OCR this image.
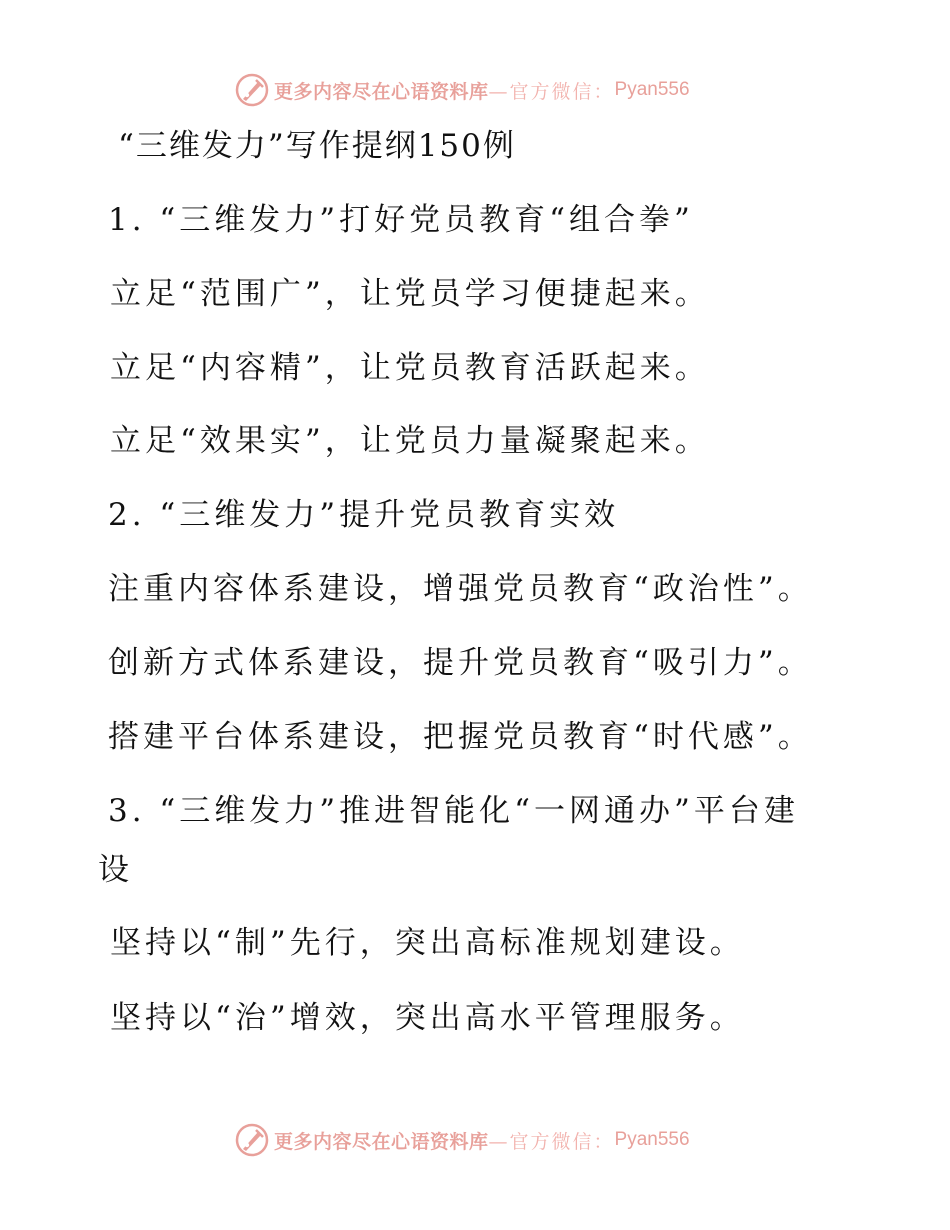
更多内容尽在心语资料库 —官方微信： Pyan556
“三维发力”写作提纲150例
1. “三维发力”打好党员教育“组合拳”
立足“范围广”，让党员学习便捷起来。
立足“内容精”，让党员教育活跃起来。
立足“效果实”，让党员力量凝聚起来。
2. “三维发力”提升党员教育实效
注重内容体系建设，增强党员教育“政治性”。
创新方式体系建设，提升党员教育“吸引力”。
搭建平台体系建设，把握党员教育“时代感”。
3. “三维发力”推进智能化“一网通办”平台建
设
坚持以“制”先行，突出高标准规划建设。
坚持以“治”增效，突出高水平管理服务。
更多内容尽在心语资料库 —官方微信： Pyan556
